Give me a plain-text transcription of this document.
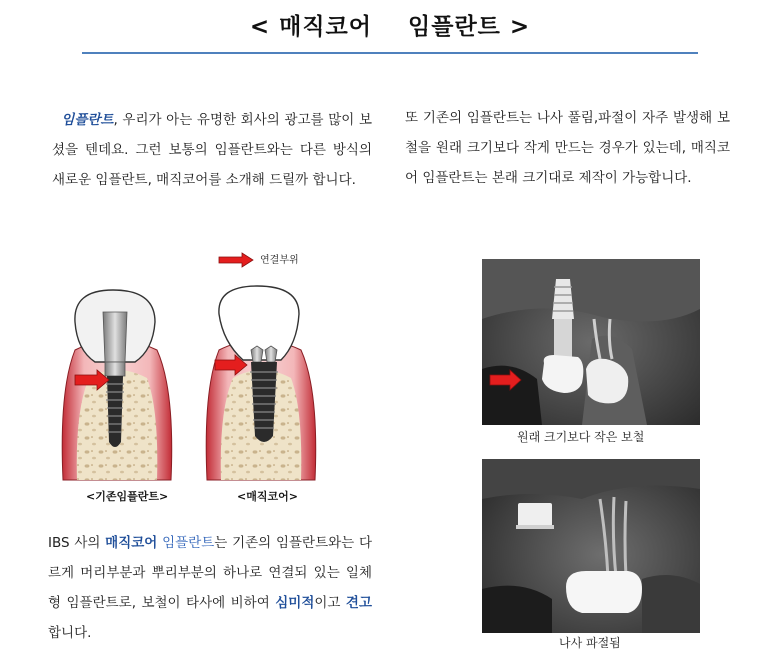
< 매직코어    임플란트 >
임플란트, 우리가 아는 유명한 회사의 광고를 많이 보셨을 텐데요. 그런 보통의 임플란트와는 다른 방식의 새로운 임플란트, 매직코어를 소개해 드릴까 합니다.
또 기존의 임플란트는 나사 풀림,파절이 자주 발생해 보철을 원래 크기보다 작게 만드는 경우가 있는데, 매직코어 임플란트는 본래 크기대로 제작이 가능합니다.
연결부위
<기존임플란트>	<매직코어>
IBS 사의 매직코어 임플란트는 기존의 임플란트와는 다르게 머리부분과 뿌리부분의 하나로 연결되 있는 일체형 임플란트로, 보철이 타사에 비하여 심미적이고 견고합니다.
원래 크기보다 작은 보철
나사 파절됨
